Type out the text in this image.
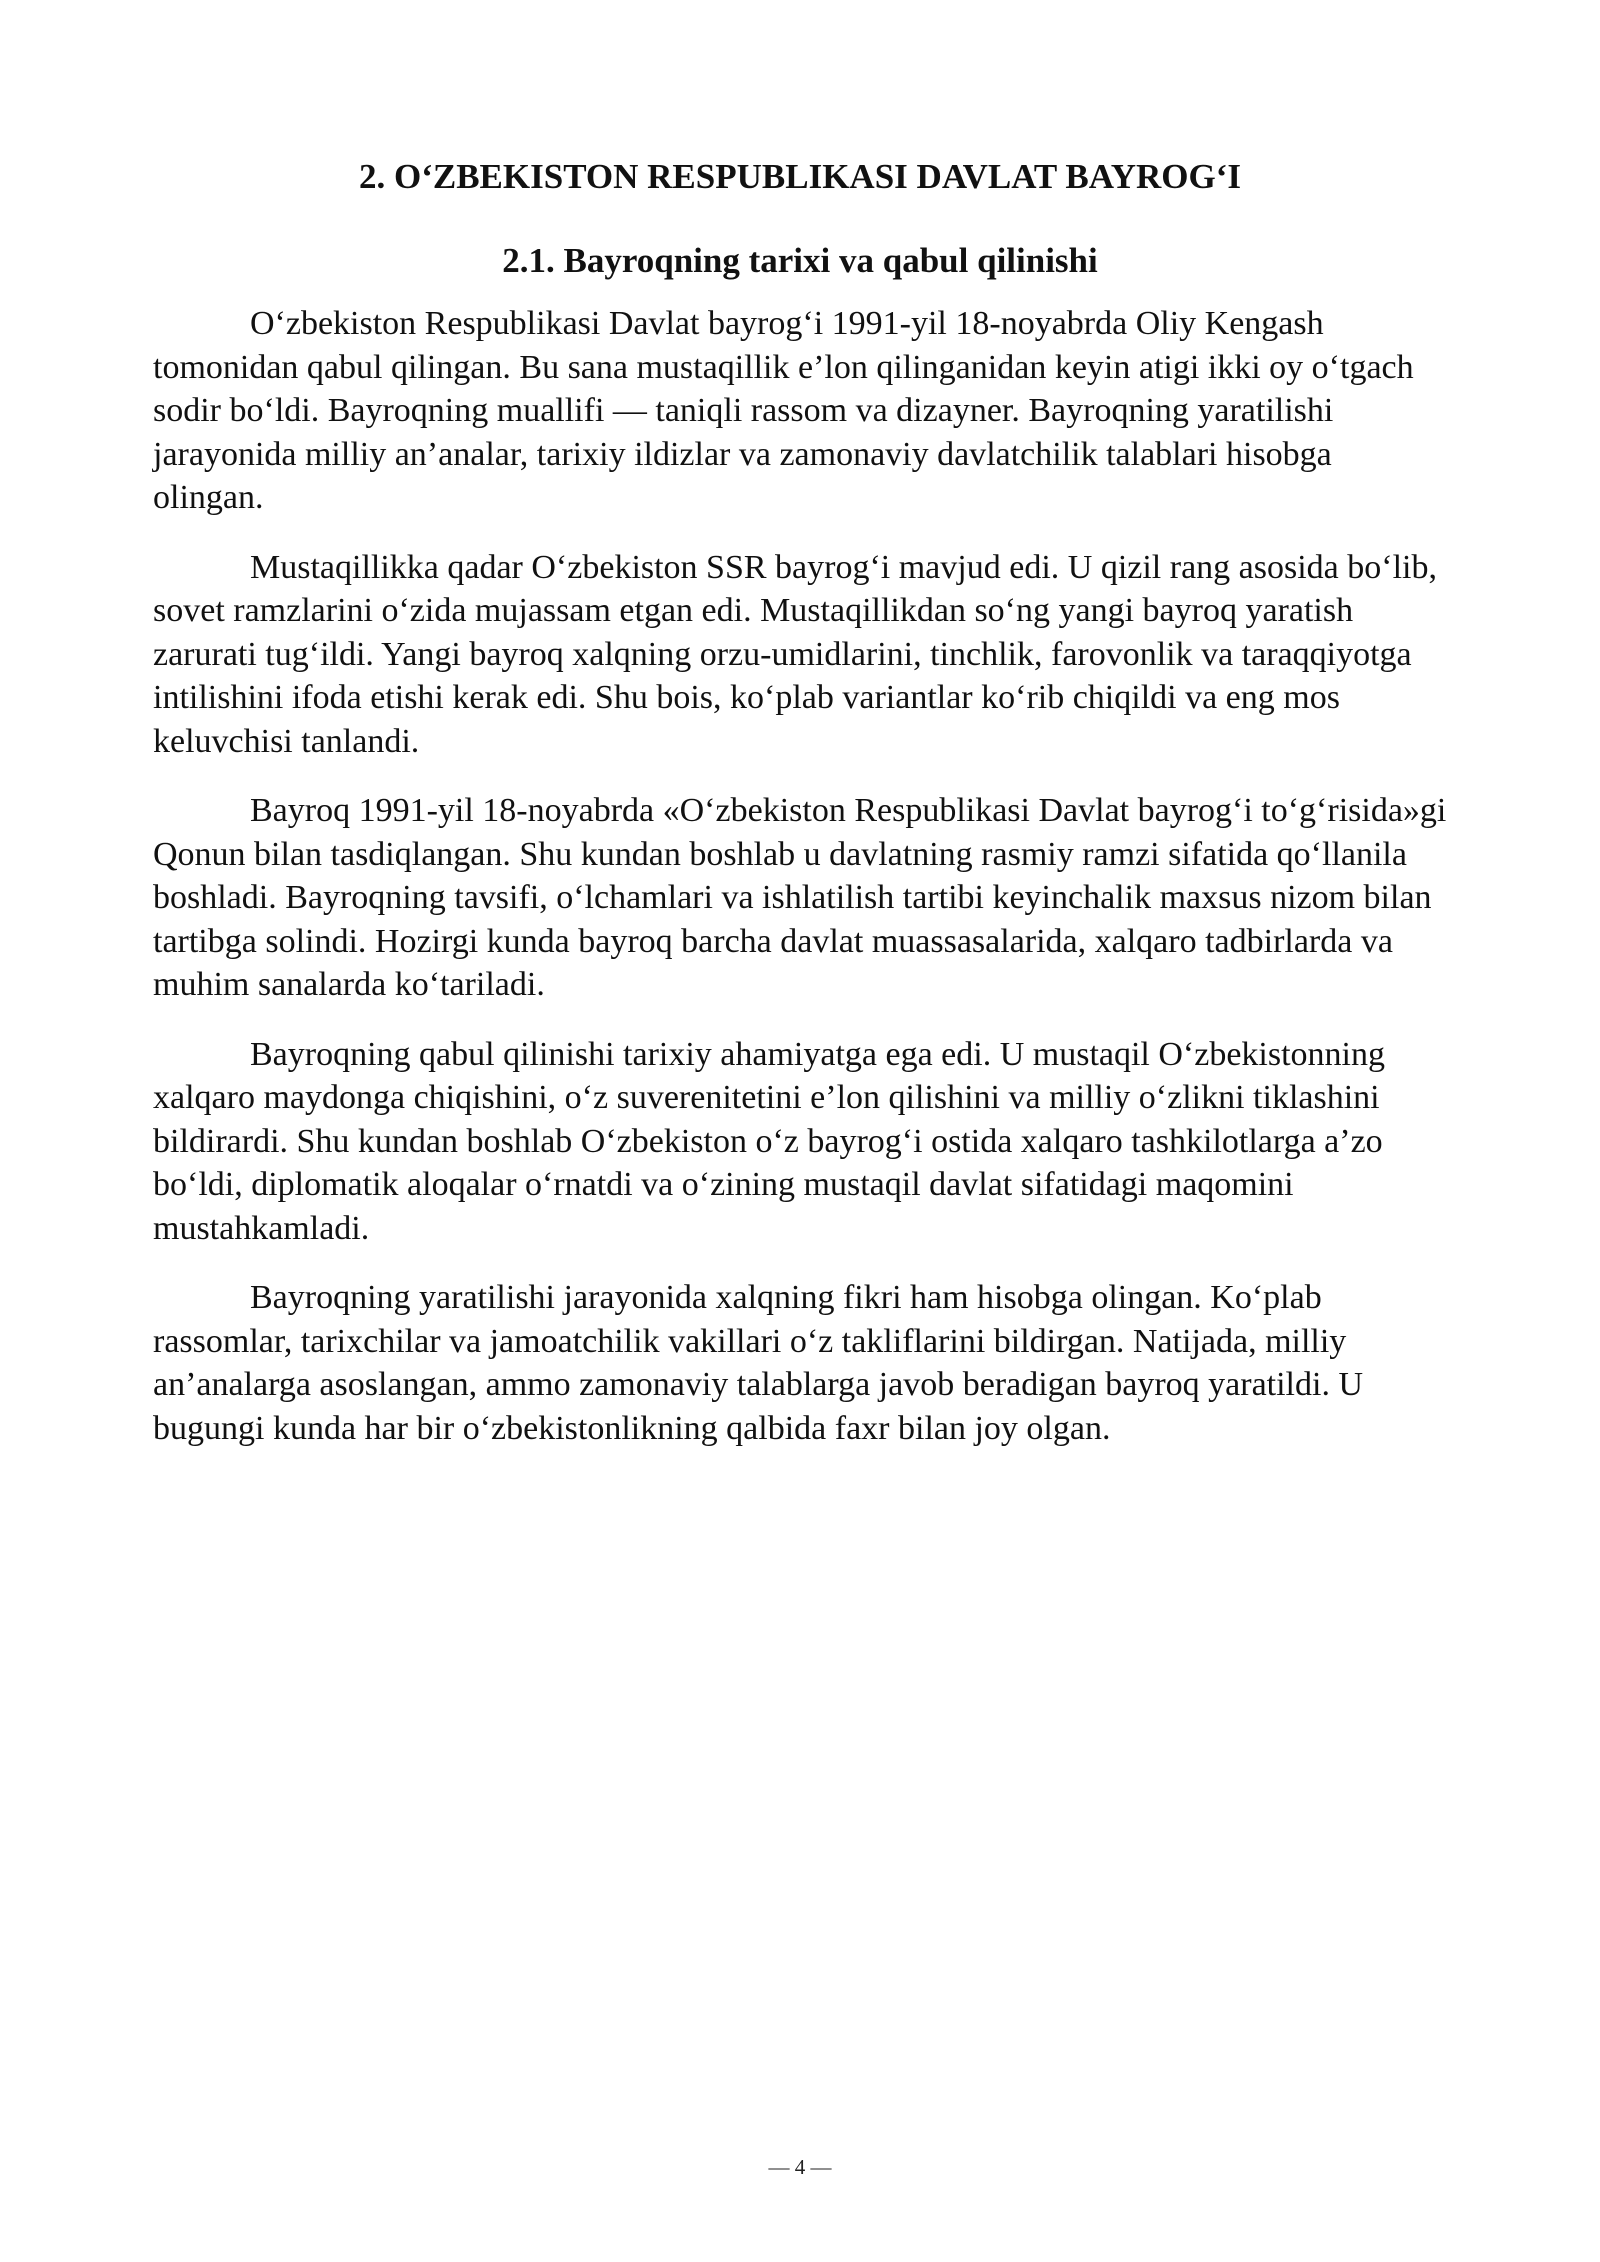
2. O‘ZBEKISTON RESPUBLIKASI DAVLAT BAYROG‘I
2.1. Bayroqning tarixi va qabul qilinishi

O‘zbekiston Respublikasi Davlat bayrog‘i 1991-yil 18-noyabrda Oliy Kengash tomonidan qabul qilingan. Bu sana mustaqillik e’lon qilinganidan keyin atigi ikki oy o‘tgach sodir bo‘ldi. Bayroqning muallifi — taniqli rassom va dizayner. Bayroqning yaratilishi jarayonida milliy an’analar, tarixiy ildizlar va zamonaviy davlatchilik talablari hisobga olingan.

Mustaqillikka qadar O‘zbekiston SSR bayrog‘i mavjud edi. U qizil rang asosida bo‘lib, sovet ramzlarini o‘zida mujassam etgan edi. Mustaqillikdan so‘ng yangi bayroq yaratish zarurati tug‘ildi. Yangi bayroq xalqning orzu-umidlarini, tinchlik, farovonlik va taraqqiyotga intilishini ifoda etishi kerak edi. Shu bois, ko‘plab variantlar ko‘rib chiqildi va eng mos keluvchisi tanlandi.

Bayroq 1991-yil 18-noyabrda «O‘zbekiston Respublikasi Davlat bayrog‘i to‘g‘risida»gi Qonun bilan tasdiqlangan. Shu kundan boshlab u davlatning rasmiy ramzi sifatida qo‘llanila boshladi. Bayroqning tavsifi, o‘lchamlari va ishlatilish tartibi keyinchalik maxsus nizom bilan tartibga solindi. Hozirgi kunda bayroq barcha davlat muassasalarida, xalqaro tadbirlarda va muhim sanalarda ko‘tariladi.

Bayroqning qabul qilinishi tarixiy ahamiyatga ega edi. U mustaqil O‘zbekistonning xalqaro maydonga chiqishini, o‘z suverenitetini e’lon qilishini va milliy o‘zlikni tiklashini bildirardi. Shu kundan boshlab O‘zbekiston o‘z bayrog‘i ostida xalqaro tashkilotlarga a’zo bo‘ldi, diplomatik aloqalar o‘rnatdi va o‘zining mustaqil davlat sifatidagi maqomini mustahkamladi.

Bayroqning yaratilishi jarayonida xalqning fikri ham hisobga olingan. Ko‘plab rassomlar, tarixchilar va jamoatchilik vakillari o‘z takliflarini bildirgan. Natijada, milliy an’analarga asoslangan, ammo zamonaviy talablarga javob beradigan bayroq yaratildi. U bugungi kunda har bir o‘zbekistonlikning qalbida faxr bilan joy olgan.

— 4 —
